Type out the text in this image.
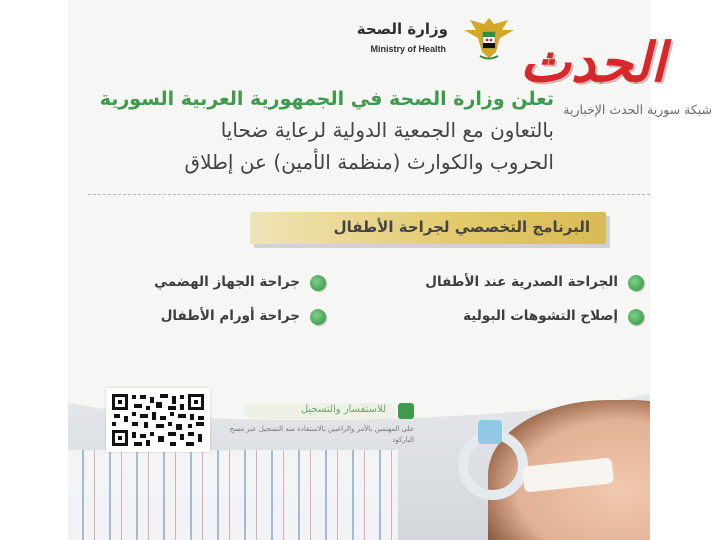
وزارة الصحة
Ministry of Health
تعلن وزارة الصحة في الجمهورية العربية السورية
بالتعاون مع الجمعية الدولية لرعاية ضحايا
الحروب والكوارث (منظمة الأمين) عن إطلاق
البرنامج التخصصي لجراحة الأطفال
الجراحة الصدرية عند الأطفال
إصلاح التشوهات البولية
جراحة الجهاز الهضمي
جراحة أورام الأطفال
للاستفسار والتسجيل
على المهتمين بالأمر والراغبين بالاستفادة منه التسجيل عبر مسح الباركود
الحدث
شبكة سورية الحدث الإخبارية
